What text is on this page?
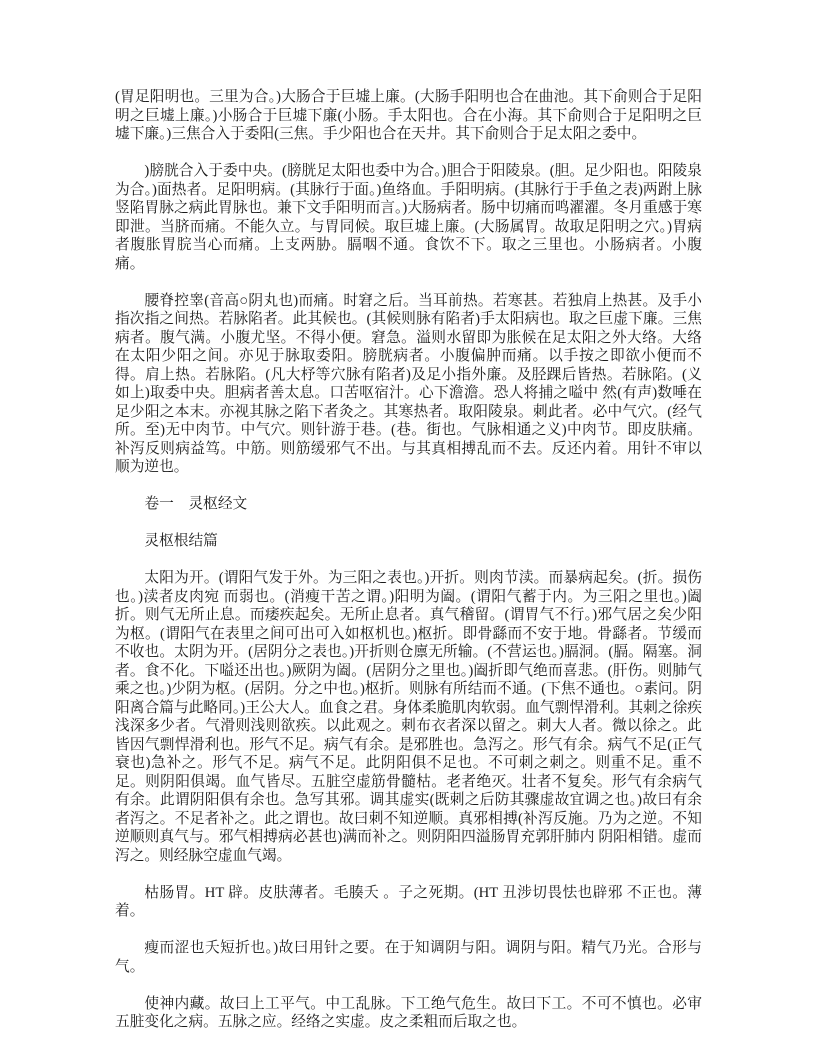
(胃足阳明也。三里为合。)大肠合于巨墟上廉。(大肠手阳明也合在曲池。其下俞则合于足阳明之巨墟上廉。)小肠合于巨墟下廉(小肠。手太阳也。合在小海。其下俞则合于足阳明之巨墟下廉。)三焦合入于委阳(三焦。手少阳也合在天井。其下俞则合于足太阳之委中。

)膀胱合入于委中央。(膀胱足太阳也委中为合。)胆合于阳陵泉。(胆。足少阳也。阳陵泉为合。)面热者。足阳明病。(其脉行于面。)鱼络血。手阳明病。(其脉行于手鱼之表)两跗上脉竖陷胃脉之病此胃脉也。兼下文手阳明而言。)大肠病者。肠中切痛而鸣濯濯。冬月重感于寒即泄。当脐而痛。不能久立。与胃同候。取巨墟上廉。(大肠属胃。故取足阳明之穴。)胃病者腹胀胃脘当心而痛。上支两胁。膈咽不通。食饮不下。取之三里也。小肠病者。小腹痛。

腰脊控睾(音高○阴丸也)而痛。时窘之后。当耳前热。若寒甚。若独肩上热甚。及手小指次指之间热。若脉陷者。此其候也。(其候则脉有陷者)手太阳病也。取之巨虚下廉。三焦病者。腹气满。小腹尤坚。不得小便。窘急。溢则水留即为胀候在足太阳之外大络。大络在太阳少阳之间。亦见于脉取委阳。膀胱病者。小腹偏肿而痛。以手按之即欲小便而不得。肩上热。若脉陷。(凡大杼等穴脉有陷者)及足小指外廉。及胫踝后皆热。若脉陷。(义如上)取委中央。胆病者善太息。口苦呕宿汁。心下澹澹。恐人将捕之嗌中 然(有声)数唾在足少阳之本末。亦视其脉之陷下者灸之。其寒热者。取阳陵泉。刺此者。必中气穴。(经气所。至)无中肉节。中气穴。则针游于巷。(巷。街也。气脉相通之义)中肉节。即皮肤痛。补泻反则病益笃。中筋。则筋缓邪气不出。与其真相搏乱而不去。反还内着。用针不审以顺为逆也。

卷一　灵枢经文
灵枢根结篇

太阳为开。(谓阳气发于外。为三阳之表也。)开折。则肉节渎。而暴病起矣。(折。损伤也。)渎者皮肉宛 而弱也。(消瘦干苦之谓。)阳明为阖。(谓阳气蓄于内。为三阳之里也。)阖折。则气无所止息。而痿疾起矣。无所止息者。真气稽留。(谓胃气不行。)邪气居之矣少阳为枢。(谓阳气在表里之间可出可入如枢机也。)枢折。即骨繇而不安于地。骨繇者。节缓而不收也。太阴为开。(居阴分之表也。)开折则仓廪无所输。(不营运也。)膈洞。(膈。隔塞。洞者。食不化。下嗌还出也。)厥阴为阖。(居阴分之里也。)阖折即气绝而喜悲。(肝伤。则肺气乘之也。)少阴为枢。(居阴。分之中也。)枢折。则脉有所结而不通。(下焦不通也。○素问。阴阳离合篇与此略同。)王公大人。血食之君。身体柔脆肌肉软弱。血气剽悍滑利。其刺之徐疾浅深多少者。气滑则浅则欲疾。以此观之。刺布衣者深以留之。刺大人者。微以徐之。此皆因气剽悍滑利也。形气不足。病气有余。是邪胜也。急泻之。形气有余。病气不足(正气衰也)急补之。形气不足。病气不足。此阴阳俱不足也。不可刺之刺之。则重不足。重不足。则阴阳俱竭。血气皆尽。五脏空虚筋骨髓枯。老者绝灭。壮者不复矣。形气有余病气有余。此谓阴阳俱有余也。急写其邪。调其虚实(既刺之后防其骤虚故宜调之也。)故曰有余者泻之。不足者补之。此之谓也。故曰刺不知逆顺。真邪相搏(补泻反施。乃为之逆。不知逆顺则真气与。邪气相搏病必甚也)满而补之。则阴阳四溢肠胃充郭肝肺内 阴阳相错。虚而泻之。则经脉空虚血气竭。

枯肠胃。HT 辟。皮肤薄者。毛腠夭 。子之死期。(HT 丑涉切畏怯也辟邪 不正也。薄着。

瘦而涩也夭短折也。)故曰用针之要。在于知调阴与阳。调阴与阳。精气乃光。合形与气。

使神内藏。故曰上工平气。中工乱脉。下工绝气危生。故曰下工。不可不慎也。必审五脏变化之病。五脉之应。经络之实虚。皮之柔粗而后取之也。
